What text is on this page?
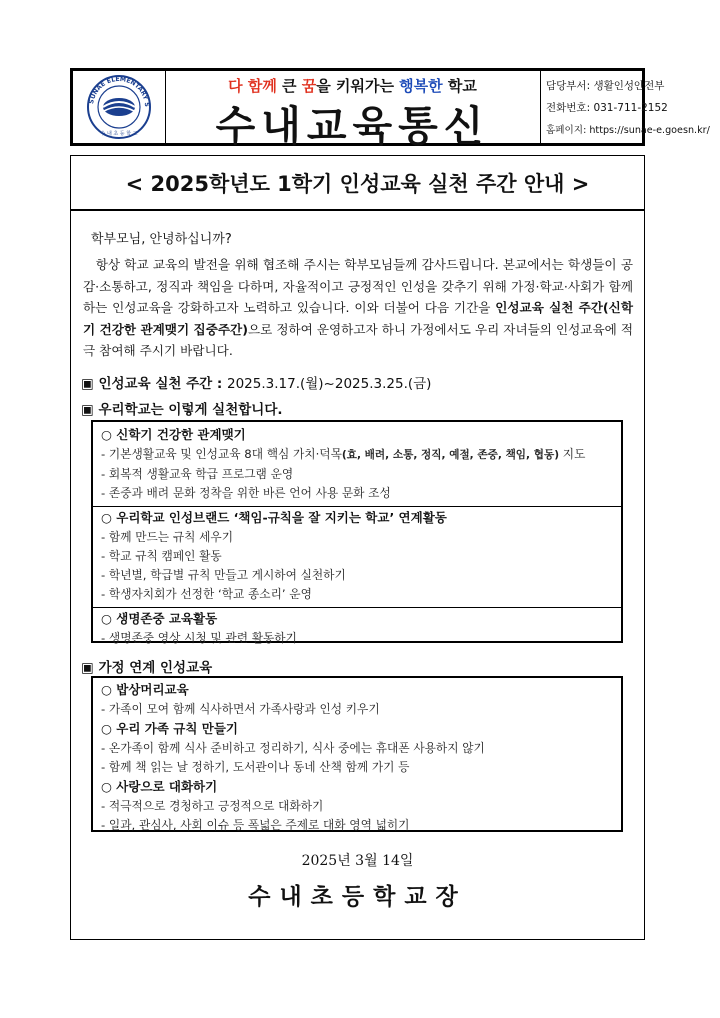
SUNAE ELEMENTARY S
수 내 초 등 학 교
다 함께 큰 꿈을 키워가는 행복한 학교
수내교육통신
담당부서: 생활인성안전부
전화번호: 031-711-2152
홈페이지: https://sunae-e.goesn.kr/
< 2025학년도 1학기 인성교육 실천 주간 안내 >
학부모님, 안녕하십니까?
항상 학교 교육의 발전을 위해 협조해 주시는 학부모님들께 감사드립니다. 본교에서는 학생들이 공감·소통하고, 정직과 책임을 다하며, 자율적이고 긍정적인 인성을 갖추기 위해 가정·학교·사회가 함께하는 인성교육을 강화하고자 노력하고 있습니다. 이와 더불어 다음 기간을 인성교육 실천 주간(신학기 건강한 관계맺기 집중주간)으로 정하여 운영하고자 하니 가정에서도 우리 자녀들의 인성교육에 적극 참여해 주시기 바랍니다.
▣ 인성교육 실천 주간 : 2025.3.17.(월)~2025.3.25.(금)
▣ 우리학교는 이렇게 실천합니다.
○ 신학기 건강한 관계맺기
- 기본생활교육 및 인성교육 8대 핵심 가치·덕목(효, 배려, 소통, 정직, 예절, 존중, 책임, 협동) 지도
- 회복적 생활교육 학급 프로그램 운영
- 존중과 배려 문화 정착을 위한 바른 언어 사용 문화 조성
○ 우리학교 인성브랜드 ‘책임-규칙을 잘 지키는 학교’ 연계활동
- 함께 만드는 규칙 세우기
- 학교 규칙 캠페인 활동
- 학년별, 학급별 규칙 만들고 게시하여 실천하기
- 학생자치회가 선정한 ‘학교 종소리’ 운영
○ 생명존중 교육활동
- 생명존중 영상 시청 및 관련 활동하기
▣ 가정 연계 인성교육
○ 밥상머리교육
- 가족이 모여 함께 식사하면서 가족사랑과 인성 키우기
○ 우리 가족 규칙 만들기
- 온가족이 함께 식사 준비하고 정리하기, 식사 중에는 휴대폰 사용하지 않기
- 함께 책 읽는 날 정하기, 도서관이나 동네 산책 함께 가기 등
○ 사랑으로 대화하기
- 적극적으로 경청하고 긍정적으로 대화하기
- 일과, 관심사, 사회 이슈 등 폭넓은 주제로 대화 영역 넓히기
2025년 3월 14일
수내초등학교장
